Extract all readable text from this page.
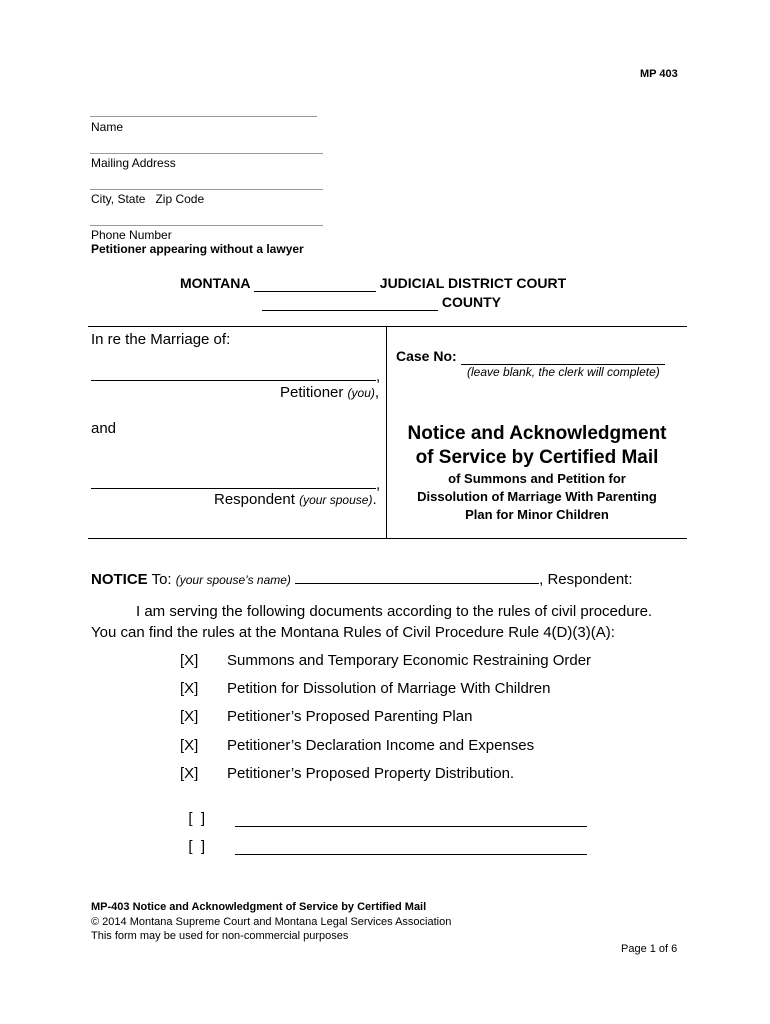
MP 403
Name
Mailing Address
City, State   Zip Code
Phone Number
Petitioner appearing without a lawyer
MONTANA	JUDICIAL DISTRICT COURT
COUNTY
In re the Marriage of:
,
Petitioner (you),
and
,
Respondent (your spouse).
Case No:
(leave blank, the clerk will complete)
Notice and Acknowledgment
of Service by Certified Mail
of Summons and Petition for
Dissolution of Marriage With Parenting
Plan for Minor Children
NOTICE To: (your spouse’s name)	, Respondent:
I am serving the following documents according to the rules of civil procedure.
You can find the rules at the Montana Rules of Civil Procedure Rule 4(D)(3)(A):
[X] Summons and Temporary Economic Restraining Order
[X] Petition for Dissolution of Marriage With Children
[X] Petitioner’s Proposed Parenting Plan
[X] Petitioner’s Declaration Income and Expenses
[X] Petitioner’s Proposed Property Distribution.

[  ]

[  ]

MP-403 Notice and Acknowledgment of Service by Certified Mail
© 2014 Montana Supreme Court and Montana Legal Services Association
This form may be used for non-commercial purposes
Page 1 of 6
